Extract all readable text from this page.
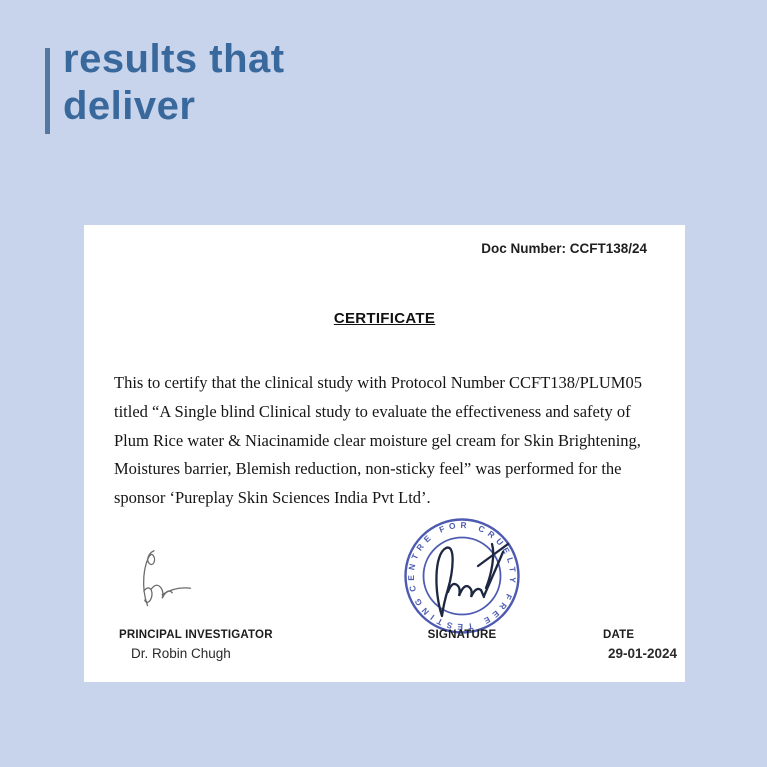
results that
deliver
Doc Number: CCFT138/24
CERTIFICATE
This to certify that the clinical study with Protocol Number CCFT138/PLUM05
titled “A Single blind Clinical study to evaluate the effectiveness and safety of
Plum Rice water & Niacinamide clear moisture gel cream for Skin Brightening,
Moistures barrier, Blemish reduction, non-sticky feel” was performed for the
sponsor ‘Pureplay Skin Sciences India Pvt Ltd’.
CENTRE FOR CRUELTY FREE TESTING
PRINCIPAL INVESTIGATOR
Dr. Robin Chugh
SIGNATURE	DATE
29-01-2024
